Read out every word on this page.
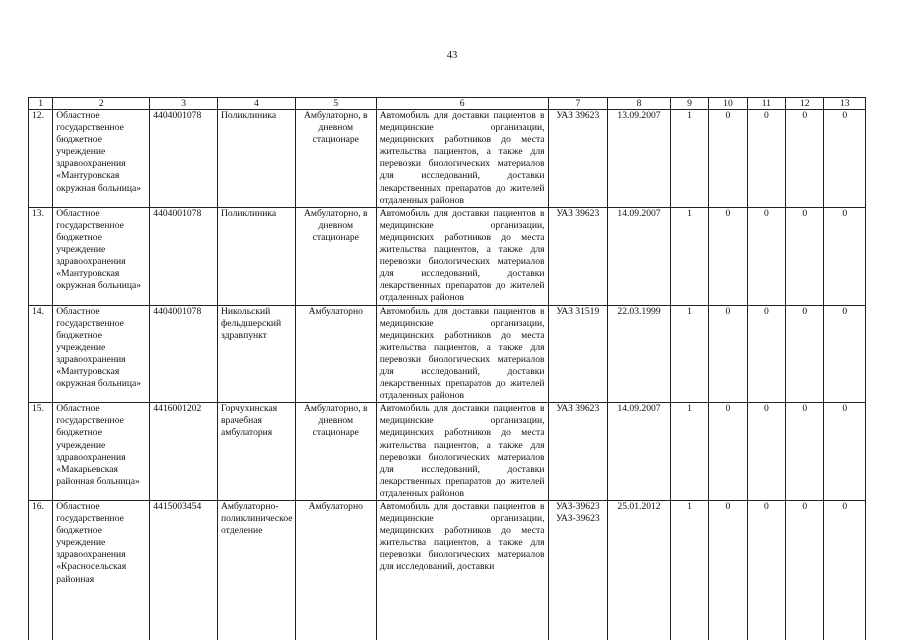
43
1	2	3	4	5	6	7	8	9	10	11	12	13
12.	Областное государственное бюджетное учреждение здравоохранения «Мантуровская окружная больница»	4404001078	Поликлиника	Амбулаторно, в дневном стационаре	Автомобиль для доставки пациентов в медицинские организации, медицинских работников до места жительства пациентов, а также для перевозки биологических материалов для исследований, доставки лекарственных препаратов до жителей отдаленных районов	УАЗ 39623	13.09.2007	1	0	0	0	0
13.	Областное государственное бюджетное учреждение здравоохранения «Мантуровская окружная больница»	4404001078	Поликлиника	Амбулаторно, в дневном стационаре	Автомобиль для доставки пациентов в медицинские организации, медицинских работников до места жительства пациентов, а также для перевозки биологических материалов для исследований, доставки лекарственных препаратов до жителей отдаленных районов	УАЗ 39623	14.09.2007	1	0	0	0	0
14.	Областное государственное бюджетное учреждение здравоохранения «Мантуровская окружная больница»	4404001078	Никольский фельдшерский здравпункт	Амбулаторно	Автомобиль для доставки пациентов в медицинские организации, медицинских работников до места жительства пациентов, а также для перевозки биологических материалов для исследований, доставки лекарственных препаратов до жителей отдаленных районов	УАЗ 31519	22.03.1999	1	0	0	0	0
15.	Областное государственное бюджетное учреждение здравоохранения «Макарьевская районная больница»	4416001202	Горчухинская врачебная амбулатория	Амбулаторно, в дневном стационаре	Автомобиль для доставки пациентов в медицинские организации, медицинских работников до места жительства пациентов, а также для перевозки биологических материалов для исследований, доставки лекарственных препаратов до жителей отдаленных районов	УАЗ 39623	14.09.2007	1	0	0	0	0
16.	Областное государственное бюджетное учреждение здравоохранения «Красносельская районная	4415003454	Амбулаторно-поликлиническое отделение	Амбулаторно	Автомобиль для доставки пациентов в медицинские организации, медицинских работников до места жительства пациентов, а также для перевозки биологических материалов для исследований, доставки	УАЗ-39623 УАЗ-39623	25.01.2012	1	0	0	0	0
